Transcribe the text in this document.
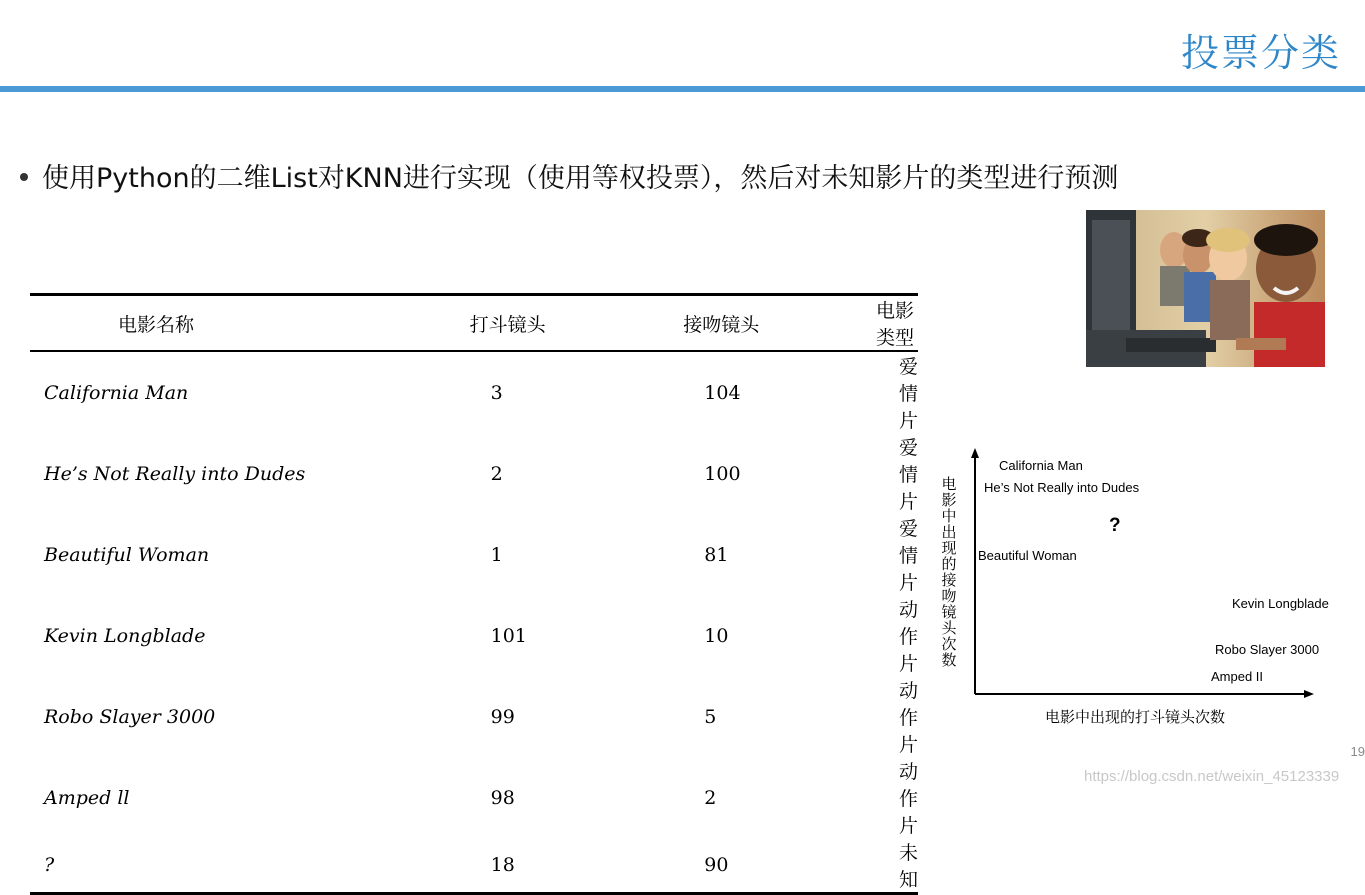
投票分类
使用Python的二维List对KNN进行实现（使用等权投票），然后对未知影片的类型进行预测
电影名称	打斗镜头	接吻镜头	电影类型
California Man	3	104	爱情片
He’s Not Really into Dudes	2	100	爱情片
Beautiful Woman	1	81	爱情片
Kevin Longblade	101	10	动作片
Robo Slayer 3000	99	5	动作片
Amped ll	98	2	动作片
?	18	90	未知
California Man
He’s Not Really into Dudes
?
Beautiful Woman
Kevin Longblade
Robo Slayer 3000
Amped II
电影中出现的打斗镜头次数
电影中出现的接吻镜头次数
19
https://blog.csdn.net/weixin_45123339
